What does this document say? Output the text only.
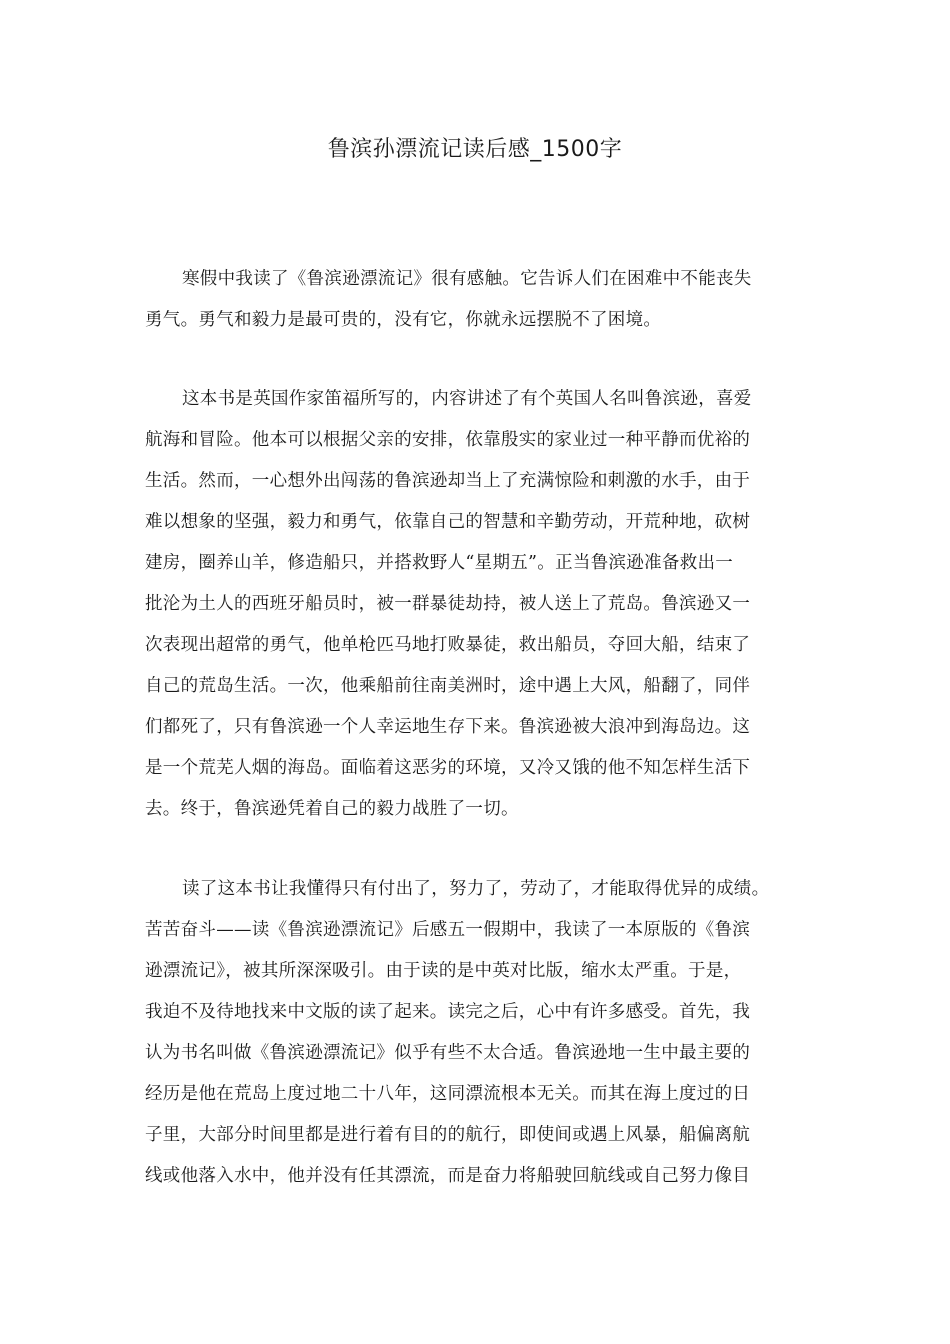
鲁滨孙漂流记读后感_1500字
寒假中我读了《鲁滨逊漂流记》很有感触。它告诉人们在困难中不能丧失
勇气。勇气和毅力是最可贵的，没有它，你就永远摆脱不了困境。
这本书是英国作家笛福所写的，内容讲述了有个英国人名叫鲁滨逊，喜爱
航海和冒险。他本可以根据父亲的安排，依靠殷实的家业过一种平静而优裕的
生活。然而，一心想外出闯荡的鲁滨逊却当上了充满惊险和刺激的水手，由于
难以想象的坚强，毅力和勇气，依靠自己的智慧和辛勤劳动，开荒种地，砍树
建房，圈养山羊，修造船只，并搭救野人“星期五”。正当鲁滨逊准备救出一
批沦为土人的西班牙船员时，被一群暴徒劫持，被人送上了荒岛。鲁滨逊又一
次表现出超常的勇气，他单枪匹马地打败暴徒，救出船员，夺回大船，结束了
自己的荒岛生活。一次，他乘船前往南美洲时，途中遇上大风，船翻了，同伴
们都死了，只有鲁滨逊一个人幸运地生存下来。鲁滨逊被大浪冲到海岛边。这
是一个荒芜人烟的海岛。面临着这恶劣的环境，又冷又饿的他不知怎样生活下
去。终于，鲁滨逊凭着自己的毅力战胜了一切。
读了这本书让我懂得只有付出了，努力了，劳动了，才能取得优异的成绩。
苦苦奋斗——读《鲁滨逊漂流记》后感五一假期中，我读了一本原版的《鲁滨
逊漂流记》，被其所深深吸引。由于读的是中英对比版，缩水太严重。于是，
我迫不及待地找来中文版的读了起来。读完之后，心中有许多感受。首先，我
认为书名叫做《鲁滨逊漂流记》似乎有些不太合适。鲁滨逊地一生中最主要的
经历是他在荒岛上度过地二十八年，这同漂流根本无关。而其在海上度过的日
子里，大部分时间里都是进行着有目的的航行，即使间或遇上风暴，船偏离航
线或他落入水中，他并没有任其漂流，而是奋力将船驶回航线或自己努力像目
